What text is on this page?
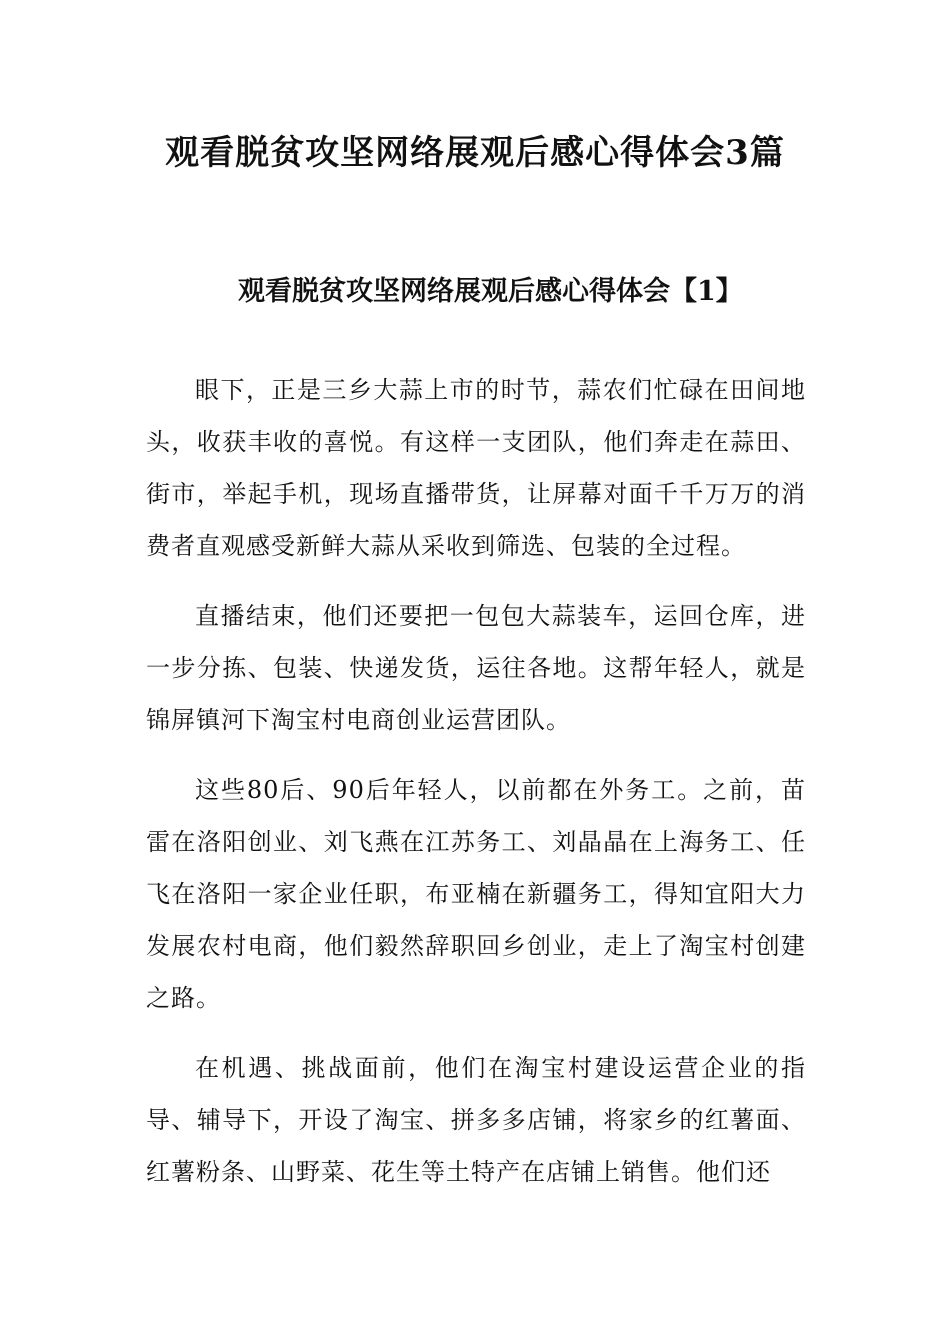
观看脱贫攻坚网络展观后感心得体会3篇
观看脱贫攻坚网络展观后感心得体会【1】

眼下，正是三乡大蒜上市的时节，蒜农们忙碌在田间地头，收获丰收的喜悦。有这样一支团队，他们奔走在蒜田、街市，举起手机，现场直播带货，让屏幕对面千千万万的消费者直观感受新鲜大蒜从采收到筛选、包装的全过程。

直播结束，他们还要把一包包大蒜装车，运回仓库，进一步分拣、包装、快递发货，运往各地。这帮年轻人，就是锦屏镇河下淘宝村电商创业运营团队。

这些80后、90后年轻人，以前都在外务工。之前，苗雷在洛阳创业、刘飞燕在江苏务工、刘晶晶在上海务工、任飞在洛阳一家企业任职，布亚楠在新疆务工，得知宜阳大力发展农村电商，他们毅然辞职回乡创业，走上了淘宝村创建之路。

在机遇、挑战面前，他们在淘宝村建设运营企业的指导、辅导下，开设了淘宝、拼多多店铺，将家乡的红薯面、红薯粉条、山野菜、花生等土特产在店铺上销售。他们还
